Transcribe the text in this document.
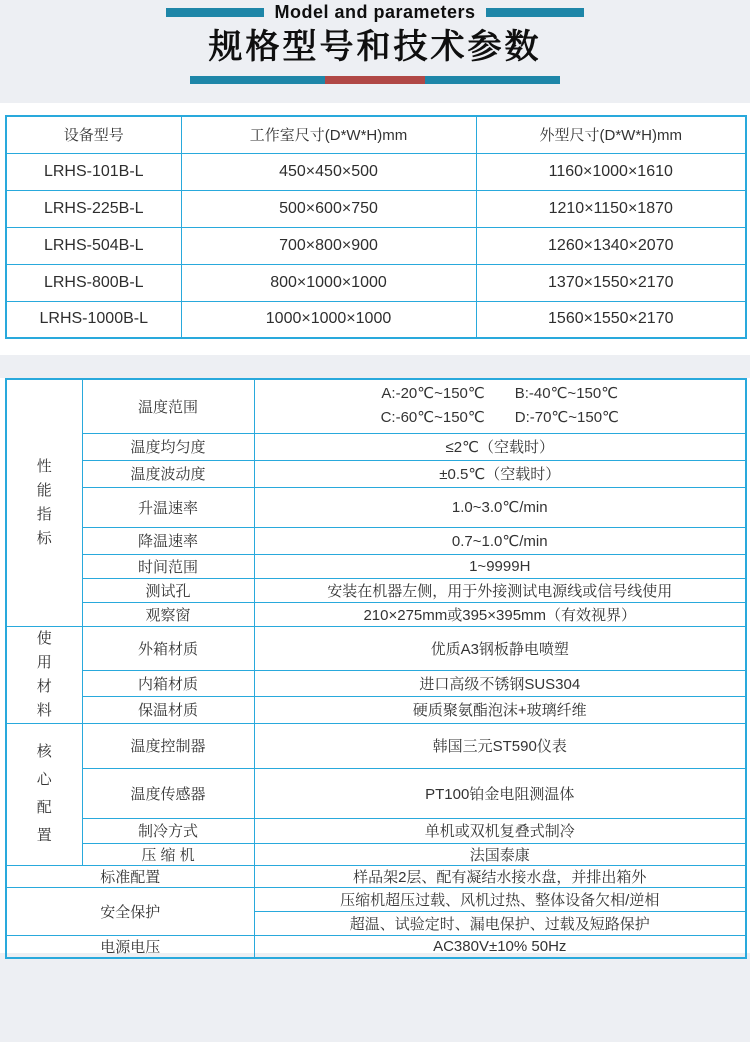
Model and parameters
规格型号和技术参数
设备型号	工作室尺寸(D*W*H)mm	外型尺寸(D*W*H)mm
LRHS-101B-L	450×450×500	1160×1000×1610
LRHS-225B-L	500×600×750	1210×1150×1870
LRHS-504B-L	700×800×900	1260×1340×2070
LRHS-800B-L	800×1000×1000	1370×1550×2170
LRHS-1000B-L	1000×1000×1000	1560×1550×2170
性能指标	温度范围	A:-20℃~150℃　　B:-40℃~150℃
C:-60℃~150℃　　D:-70℃~150℃

	温度均匀度	≤2℃（空载时）
	温度波动度	±0.5℃（空载时）
	升温速率	1.0~3.0℃/min
	降温速率	0.7~1.0℃/min
	时间范围	1~9999H
	测试孔	安装在机器左侧，用于外接测试电源线或信号线使用
	观察窗	210×275mm或395×395mm（有效视界）

使用材料	外箱材质	优质A3钢板静电喷塑
	内箱材质	进口高级不锈钢SUS304
	保温材质	硬质聚氨酯泡沫+玻璃纤维

核心配置	温度控制器	韩国三元ST590仪表
	温度传感器	PT100铂金电阻测温体
	制冷方式	单机或双机复叠式制冷
	压 缩 机	法国泰康
标准配置		样品架2层、配有凝结水接水盘，并排出箱外
安全保护		压缩机超压过载、风机过热、整体设备欠相/逆相
		超温、试验定时、漏电保护、过载及短路保护
电源电压		AC380V±10% 50Hz
